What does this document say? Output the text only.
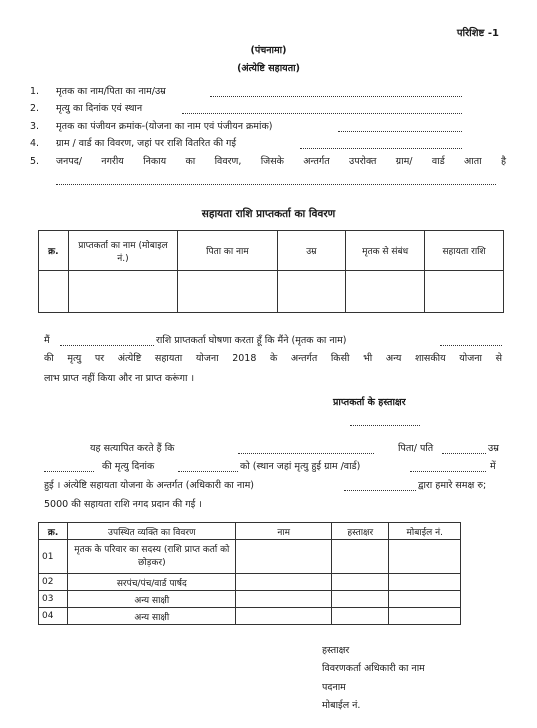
परिशिष्ट -1
(पंचनामा)
(अंत्येष्टि सहायता)
1. मृतक का नाम/पिता का नाम/उम्र
2. मृत्यु का दिनांक एवं स्थान
3. मृतक का पंजीयन क्रमांक-(योजना का नाम एवं पंजीयन क्रमांक)
4. ग्राम / वार्ड का विवरण, जहां पर राशि वितरित की गई
5. जनपद/ नगरीय निकाय का विवरण, जिसके अन्तर्गत उपरोक्त ग्राम/ वार्ड आता है
सहायता राशि प्राप्तकर्ता का विवरण
क्र.	प्राप्तकर्ता का नाम (मोबाइल नं.)	पिता का नाम	उम्र	मृतक से संबंध	सहायता राशि

मैं	राशि प्राप्तकर्ता घोषणा करता हूँ कि मैंने (मृतक का नाम)
की मृत्यु पर अंत्येष्टि सहायता योजना 2018 के अन्तर्गत किसी भी अन्य शासकीय योजना से
लाभ प्राप्त नहीं किया और ना प्राप्त करूंगा ।
प्राप्तकर्ता के हस्ताक्षर
यह सत्यापित करते हैं कि	पिता/ पति	उम्र
की मृत्यु दिनांक	को (स्थान जहां मृत्यु हुई ग्राम /वार्ड)	में
हुई । अंत्येष्टि सहायता योजना के अन्तर्गत (अधिकारी का नाम)	द्वारा हमारे समक्ष रु;
5000 की सहायता राशि नगद प्रदान की गई ।
क्र.	उपस्थित व्यक्ति का विवरण	नाम	हस्ताक्षर	मोबाईल नं.
01	मृतक के परिवार का सदस्य (राशि प्राप्त कर्ता को छोड़कर)			
02	सरपंच/पंच/वार्ड पार्षद			
03	अन्य साक्षी			
04	अन्य साक्षी			
हस्ताक्षर
विवरणकर्ता अधिकारी का नाम
पदनाम
मोबाईल नं.
